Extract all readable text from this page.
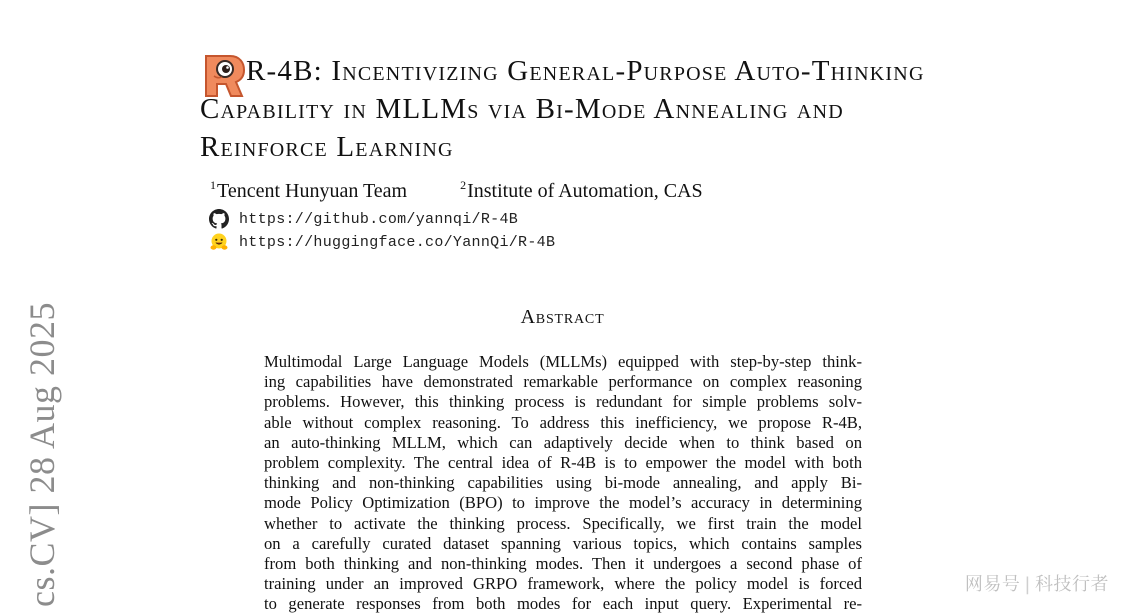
cs.CV] 28 Aug 2025
R-4B: Incentivizing General-Purpose Auto-Thinking Capability in MLLMs via Bi-Mode Annealing and Reinforce Learning
$^1$Tencent Hunyuan Team	$^2$Institute of Automation, CAS
https://github.com/yannqi/R-4B
https://huggingface.co/YannQi/R-4B
Abstract

Multimodal Large Language Models (MLLMs) equipped with step-by-step think-
ing capabilities have demonstrated remarkable performance on complex reasoning
problems. However, this thinking process is redundant for simple problems solv-
able without complex reasoning. To address this inefficiency, we propose R-4B,
an auto-thinking MLLM, which can adaptively decide when to think based on
problem complexity. The central idea of R-4B is to empower the model with both
thinking and non-thinking capabilities using bi-mode annealing, and apply Bi-
mode Policy Optimization (BPO) to improve the model’s accuracy in determining
whether to activate the thinking process. Specifically, we first train the model
on a carefully curated dataset spanning various topics, which contains samples
from both thinking and non-thinking modes. Then it undergoes a second phase of
training under an improved GRPO framework, where the policy model is forced
to generate responses from both modes for each input query. Experimental re-

网易号 | 科技行者
